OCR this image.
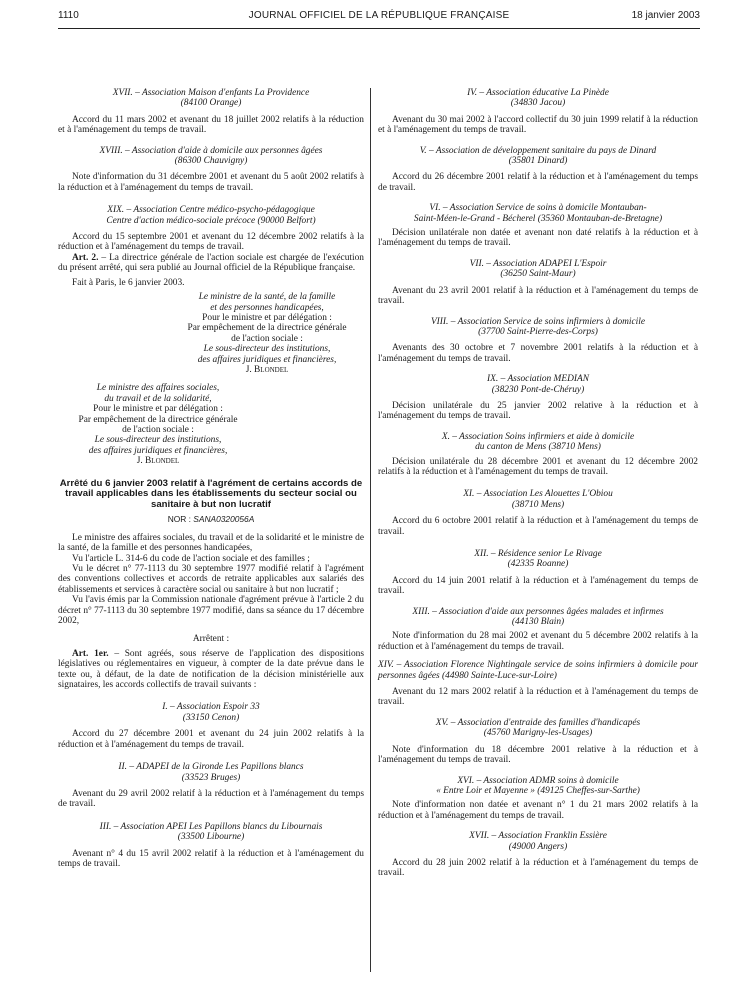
1110	JOURNAL OFFICIEL DE LA RÉPUBLIQUE FRANÇAISE	18 janvier 2003

XVII. – Association Maison d'enfants La Providence

(84100 Orange)

Accord du 11 mars 2002 et avenant du 18 juillet 2002 relatifs à la réduction et à l'aménagement du temps de travail.

XVIII. – Association d'aide à domicile aux personnes âgées

(86300 Chauvigny)

Note d'information du 31 décembre 2001 et avenant du 5 août 2002 relatifs à la réduction et à l'aménagement du temps de travail.

XIX. – Association Centre médico-psycho-pédagogique

Centre d'action médico-sociale précoce (90000 Belfort)

Accord du 15 septembre 2001 et avenant du 12 décembre 2002 relatifs à la réduction et à l'aménagement du temps de travail.

Art. 2. – La directrice générale de l'action sociale est chargée de l'exécution du présent arrêté, qui sera publié au Journal officiel de la République française.

Fait à Paris, le 6 janvier 2003.

Le ministre de la santé, de la famille

et des personnes handicapées,

Pour le ministre et par délégation :

Par empêchement de la directrice générale

de l'action sociale :

Le sous-directeur des institutions,

des affaires juridiques et financières,

J. Blondel

Le ministre des affaires sociales,

du travail et de la solidarité,

Pour le ministre et par délégation :

Par empêchement de la directrice générale

de l'action sociale :

Le sous-directeur des institutions,

des affaires juridiques et financières,

J. Blondel

Arrêté du 6 janvier 2003 relatif à l'agrément de certains accords de travail applicables dans les établissements du secteur social ou sanitaire à but non lucratif

NOR : SANA0320056A

Le ministre des affaires sociales, du travail et de la solidarité et le ministre de la santé, de la famille et des personnes handicapées,

Vu l'article L. 314-6 du code de l'action sociale et des familles ;

Vu le décret n° 77-1113 du 30 septembre 1977 modifié relatif à l'agrément des conventions collectives et accords de retraite applicables aux salariés des établissements et services à caractère social ou sanitaire à but non lucratif ;

Vu l'avis émis par la Commission nationale d'agrément prévue à l'article 2 du décret n° 77-1113 du 30 septembre 1977 modifié, dans sa séance du 17 décembre 2002,

Arrêtent :

Art. 1er. – Sont agréés, sous réserve de l'application des dispositions législatives ou réglementaires en vigueur, à compter de la date prévue dans le texte ou, à défaut, de la date de notification de la décision ministérielle aux signataires, les accords collectifs de travail suivants :

I. – Association Espoir 33

(33150 Cenon)

Accord du 27 décembre 2001 et avenant du 24 juin 2002 relatifs à la réduction et à l'aménagement du temps de travail.

II. – ADAPEI de la Gironde Les Papillons blancs

(33523 Bruges)

Avenant du 29 avril 2002 relatif à la réduction et à l'aménagement du temps de travail.

III. – Association APEI Les Papillons blancs du Libournais

(33500 Libourne)

Avenant n° 4 du 15 avril 2002 relatif à la réduction et à l'aménagement du temps de travail.

IV. – Association éducative La Pinède

(34830 Jacou)

Avenant du 30 mai 2002 à l'accord collectif du 30 juin 1999 relatif à la réduction et à l'aménagement du temps de travail.

V. – Association de développement sanitaire du pays de Dinard

(35801 Dinard)

Accord du 26 décembre 2001 relatif à la réduction et à l'aménagement du temps de travail.

VI. – Association Service de soins à domicile Montauban-

Saint-Méen-le-Grand - Bécherel (35360 Montauban-de-Bretagne)

Décision unilatérale non datée et avenant non daté relatifs à la réduction et à l'aménagement du temps de travail.

VII. – Association ADAPEI L'Espoir

(36250 Saint-Maur)

Avenant du 23 avril 2001 relatif à la réduction et à l'aménagement du temps de travail.

VIII. – Association Service de soins infirmiers à domicile

(37700 Saint-Pierre-des-Corps)

Avenants des 30 octobre et 7 novembre 2001 relatifs à la réduction et à l'aménagement du temps de travail.

IX. – Association MEDIAN

(38230 Pont-de-Chéruy)

Décision unilatérale du 25 janvier 2002 relative à la réduction et à l'aménagement du temps de travail.

X. – Association Soins infirmiers et aide à domicile

du canton de Mens (38710 Mens)

Décision unilatérale du 28 décembre 2001 et avenant du 12 décembre 2002 relatifs à la réduction et à l'aménagement du temps de travail.

XI. – Association Les Alouettes L'Obiou

(38710 Mens)

Accord du 6 octobre 2001 relatif à la réduction et à l'aménagement du temps de travail.

XII. – Résidence senior Le Rivage

(42335 Roanne)

Accord du 14 juin 2001 relatif à la réduction et à l'aménagement du temps de travail.

XIII. – Association d'aide aux personnes âgées malades et infirmes

(44130 Blain)

Note d'information du 28 mai 2002 et avenant du 5 décembre 2002 relatifs à la réduction et à l'aménagement du temps de travail.

XIV. – Association Florence Nightingale service de soins infirmiers à domicile pour personnes âgées (44980 Sainte-Luce-sur-Loire)

Avenant du 12 mars 2002 relatif à la réduction et à l'aménagement du temps de travail.

XV. – Association d'entraide des familles d'handicapés

(45760 Marigny-les-Usages)

Note d'information du 18 décembre 2001 relative à la réduction et à l'aménagement du temps de travail.

XVI. – Association ADMR soins à domicile

« Entre Loir et Mayenne » (49125 Cheffes-sur-Sarthe)

Note d'information non datée et avenant n° 1 du 21 mars 2002 relatifs à la réduction et à l'aménagement du temps de travail.

XVII. – Association Franklin Essière

(49000 Angers)

Accord du 28 juin 2002 relatif à la réduction et à l'aménagement du temps de travail.
